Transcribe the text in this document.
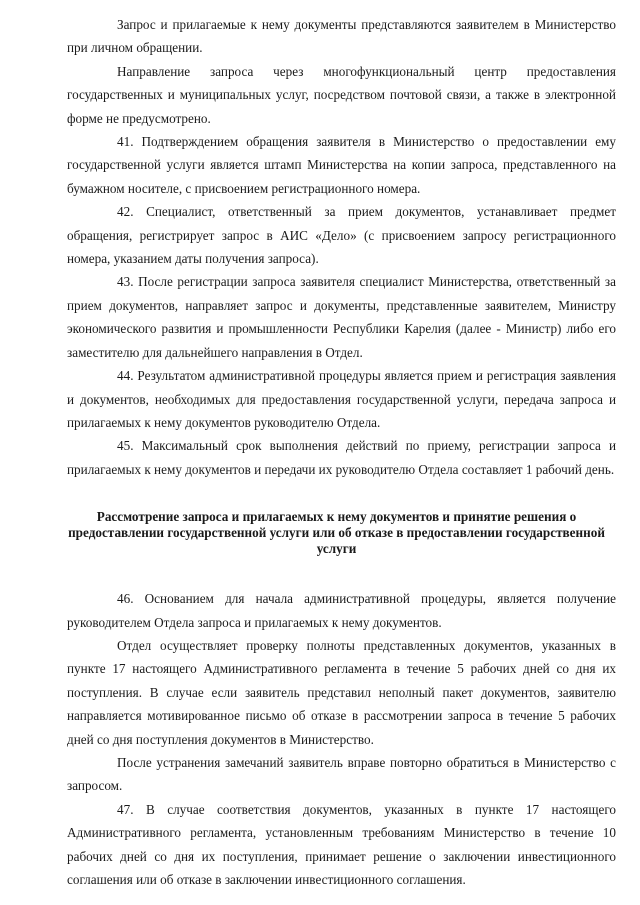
Запрос и прилагаемые к нему документы представляются заявителем в Министерство при личном обращении.

Направление запроса через многофункциональный центр предоставления государственных и муниципальных услуг, посредством почтовой связи, а также в электронной форме не предусмотрено.

41. Подтверждением обращения заявителя в Министерство о предоставлении ему государственной услуги является штамп Министерства на копии запроса, представленного на бумажном носителе, с присвоением регистрационного номера.

42. Специалист, ответственный за прием документов, устанавливает предмет обращения, регистрирует запрос в АИС «Дело» (с присвоением запросу регистрационного номера, указанием даты получения запроса).

43. После регистрации запроса заявителя специалист Министерства, ответственный за прием документов, направляет запрос и документы, представленные заявителем, Министру экономического развития и промышленности Республики Карелия (далее - Министр) либо его заместителю для дальнейшего направления в Отдел.

44. Результатом административной процедуры является прием и регистрация заявления и документов, необходимых для предоставления государственной услуги, передача запроса и прилагаемых к нему документов руководителю Отдела.

45. Максимальный срок выполнения действий по приему, регистрации запроса и прилагаемых к нему документов и передачи их руководителю Отдела составляет 1 рабочий день.

Рассмотрение запроса и прилагаемых к нему документов и принятие решения о предоставлении государственной услуги или об отказе в предоставлении государственной услуги

46. Основанием для начала административной процедуры, является получение руководителем Отдела запроса и прилагаемых к нему документов.

Отдел осуществляет проверку полноты представленных документов, указанных в пункте 17 настоящего Административного регламента в течение 5 рабочих дней со дня их поступления. В случае если заявитель представил неполный пакет документов, заявителю направляется мотивированное письмо об отказе в рассмотрении запроса в течение 5 рабочих дней со дня поступления документов в Министерство.

После устранения замечаний заявитель вправе повторно обратиться в Министерство с запросом.

47. В случае соответствия документов, указанных в пункте 17 настоящего Административного регламента, установленным требованиям Министерство в течение 10 рабочих дней со дня их поступления, принимает решение о заключении инвестиционного соглашения или об отказе в заключении инвестиционного соглашения.
